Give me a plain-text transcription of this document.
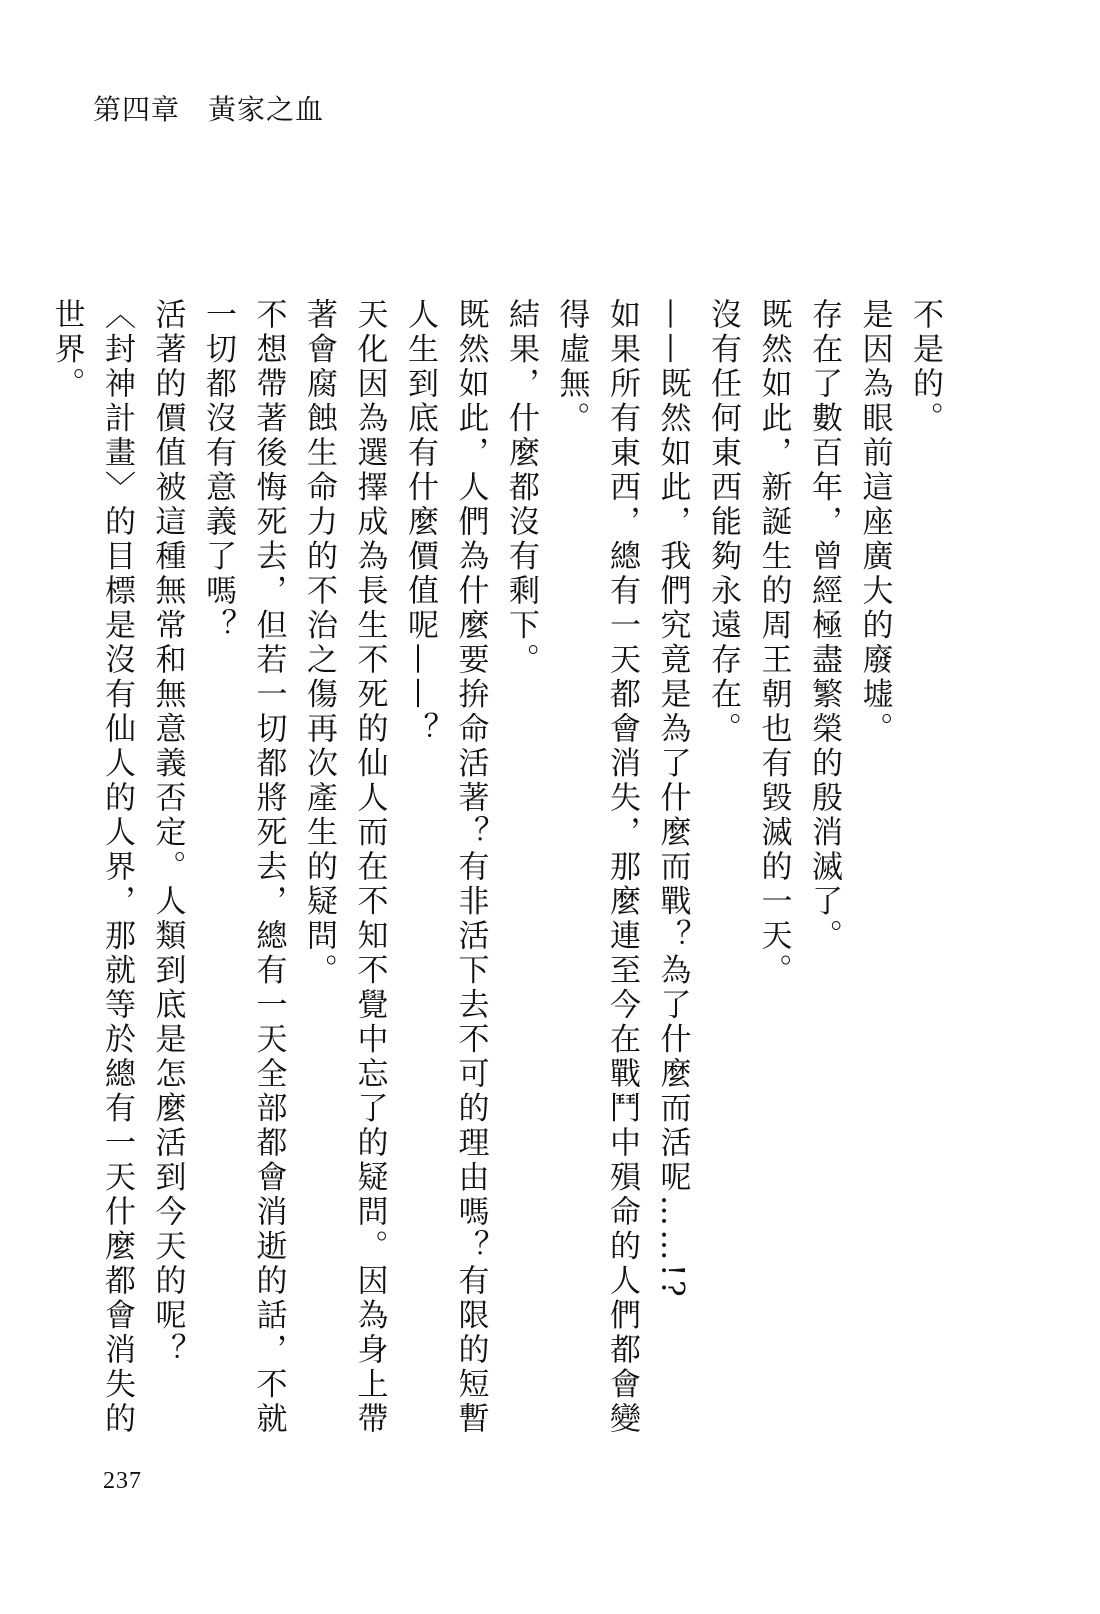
第四章 黃家之血

不是的。

是因為眼前這座廣大的廢墟。

存在了數百年，曾經極盡繁榮的殷消滅了。

既然如此，新誕生的周王朝也有毀滅的一天。

沒有任何東西能夠永遠存在。

——既然如此，我們究竟是為了什麼而戰？為了什麼而活呢……!?

如果所有東西，總有一天都會消失，那麼連至今在戰鬥中殞命的人們都會變得虛無。

結果，什麼都沒有剩下。

既然如此，人們為什麼要拚命活著？有非活下去不可的理由嗎？有限的短暫人生到底有什麼價值呢——？

天化因為選擇成為長生不死的仙人而在不知不覺中忘了的疑問。因為身上帶著會腐蝕生命力的不治之傷再次產生的疑問。

不想帶著後悔死去，但若一切都將死去，總有一天全部都會消逝的話，不就一切都沒有意義了嗎？

活著的價值被這種無常和無意義否定。人類到底是怎麼活到今天的呢？

〈封神計畫〉的目標是沒有仙人的人界，那就等於總有一天什麼都會消失的世界。

237
